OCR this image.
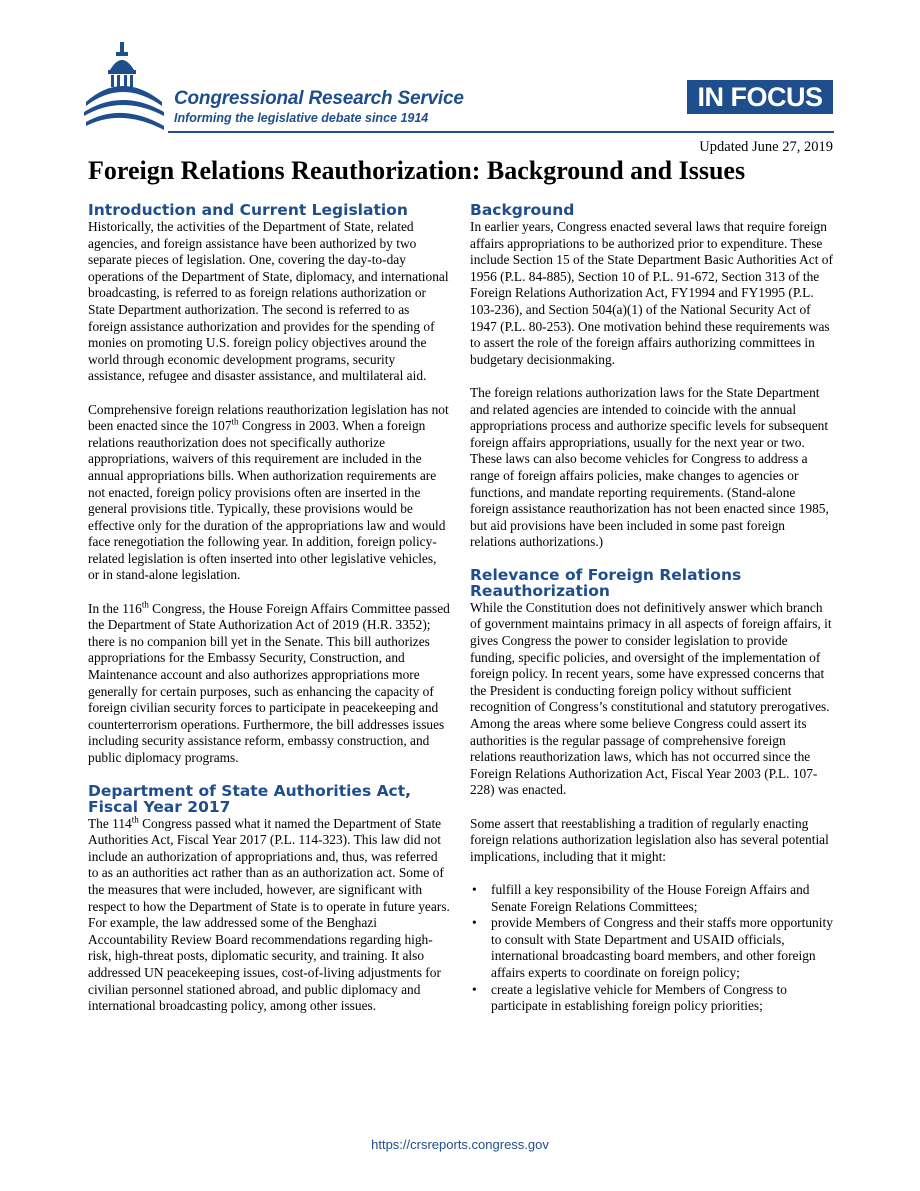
Congressional Research Service
Informing the legislative debate since 1914
IN FOCUS
Updated June 27, 2019
Foreign Relations Reauthorization: Background and Issues
Introduction and Current Legislation

Historically, the activities of the Department of State, related agencies, and foreign assistance have been authorized by two separate pieces of legislation. One, covering the day-to-day operations of the Department of State, diplomacy, and international broadcasting, is referred to as foreign relations authorization or State Department authorization. The second is referred to as foreign assistance authorization and provides for the spending of monies on promoting U.S. foreign policy objectives around the world through economic development programs, security assistance, refugee and disaster assistance, and multilateral aid.

Comprehensive foreign relations reauthorization legislation has not been enacted since the 107th Congress in 2003. When a foreign relations reauthorization does not specifically authorize appropriations, waivers of this requirement are included in the annual appropriations bills. When authorization requirements are not enacted, foreign policy provisions often are inserted in the general provisions title. Typically, these provisions would be effective only for the duration of the appropriations law and would face renegotiation the following year. In addition, foreign policy-related legislation is often inserted into other legislative vehicles, or in stand-alone legislation.

In the 116th Congress, the House Foreign Affairs Committee passed the Department of State Authorization Act of 2019 (H.R. 3352); there is no companion bill yet in the Senate. This bill authorizes appropriations for the Embassy Security, Construction, and Maintenance account and also authorizes appropriations more generally for certain purposes, such as enhancing the capacity of foreign civilian security forces to participate in peacekeeping and counterterrorism operations. Furthermore, the bill addresses issues including security assistance reform, embassy construction, and public diplomacy programs.

Department of State Authorities Act, Fiscal Year 2017

The 114th Congress passed what it named the Department of State Authorities Act, Fiscal Year 2017 (P.L. 114-323). This law did not include an authorization of appropriations and, thus, was referred to as an authorities act rather than as an authorization act. Some of the measures that were included, however, are significant with respect to how the Department of State is to operate in future years. For example, the law addressed some of the Benghazi Accountability Review Board recommendations regarding high-risk, high-threat posts, diplomatic security, and training. It also addressed UN peacekeeping issues, cost-of-living adjustments for civilian personnel stationed abroad, and public diplomacy and international broadcasting policy, among other issues.

Background

In earlier years, Congress enacted several laws that require foreign affairs appropriations to be authorized prior to expenditure. These include Section 15 of the State Department Basic Authorities Act of 1956 (P.L. 84-885), Section 10 of P.L. 91-672, Section 313 of the Foreign Relations Authorization Act, FY1994 and FY1995 (P.L. 103-236), and Section 504(a)(1) of the National Security Act of 1947 (P.L. 80-253). One motivation behind these requirements was to assert the role of the foreign affairs authorizing committees in budgetary decisionmaking.

The foreign relations authorization laws for the State Department and related agencies are intended to coincide with the annual appropriations process and authorize specific levels for subsequent foreign affairs appropriations, usually for the next year or two. These laws can also become vehicles for Congress to address a range of foreign affairs policies, make changes to agencies or functions, and mandate reporting requirements. (Stand-alone foreign assistance reauthorization has not been enacted since 1985, but aid provisions have been included in some past foreign relations authorizations.)

Relevance of Foreign Relations Reauthorization

While the Constitution does not definitively answer which branch of government maintains primacy in all aspects of foreign affairs, it gives Congress the power to consider legislation to provide funding, specific policies, and oversight of the implementation of foreign policy. In recent years, some have expressed concerns that the President is conducting foreign policy without sufficient recognition of Congress’s constitutional and statutory prerogatives. Among the areas where some believe Congress could assert its authorities is the regular passage of comprehensive foreign relations reauthorization laws, which has not occurred since the Foreign Relations Authorization Act, Fiscal Year 2003 (P.L. 107-228) was enacted.

Some assert that reestablishing a tradition of regularly enacting foreign relations authorization legislation also has several potential implications, including that it might:

• fulfill a key responsibility of the House Foreign Affairs and Senate Foreign Relations Committees;
• provide Members of Congress and their staffs more opportunity to consult with State Department and USAID officials, international broadcasting board members, and other foreign affairs experts to coordinate on foreign policy;
• create a legislative vehicle for Members of Congress to participate in establishing foreign policy priorities;
https://crsreports.congress.gov
